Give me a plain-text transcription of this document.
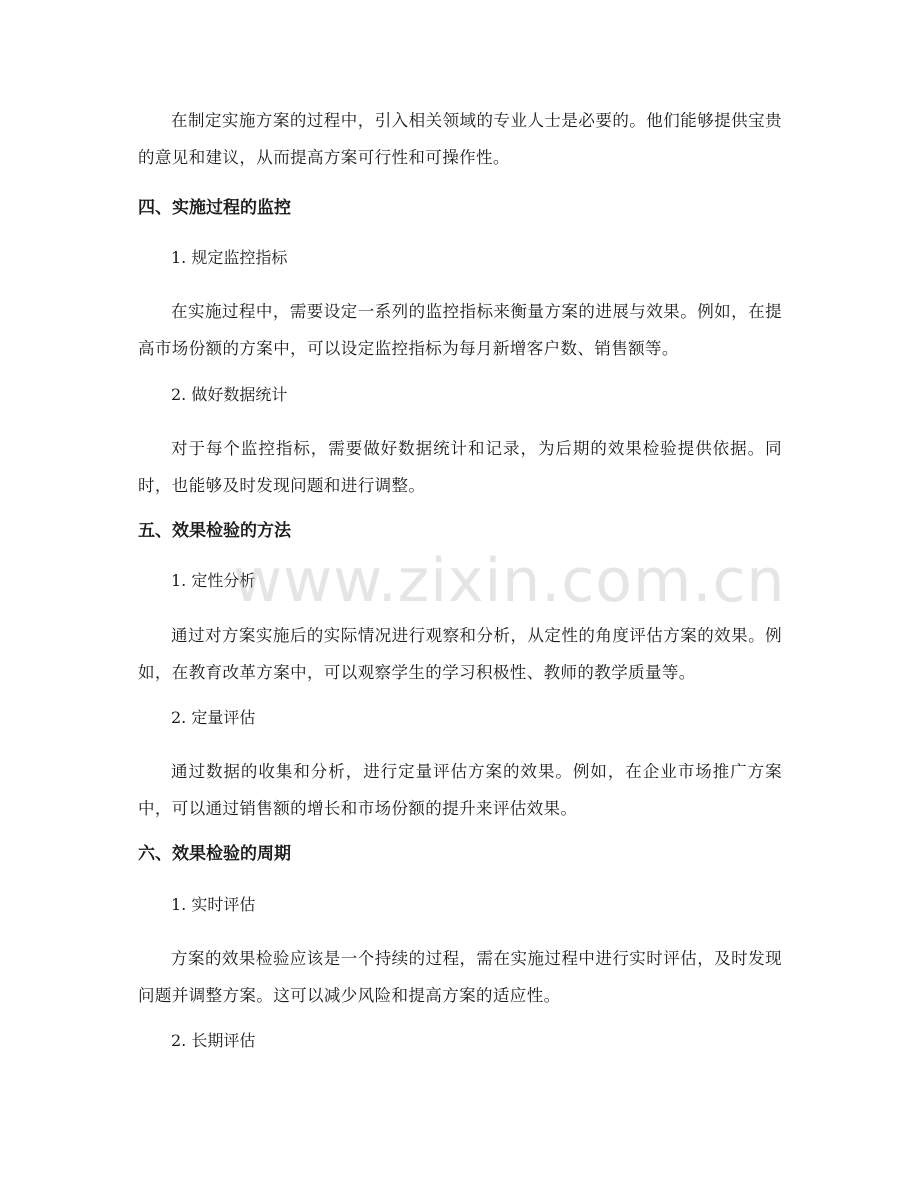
在制定实施方案的过程中，引入相关领域的专业人士是必要的。他们能够提供宝贵的意见和建议，从而提高方案可行性和可操作性。

四、实施过程的监控

1. 规定监控指标

在实施过程中，需要设定一系列的监控指标来衡量方案的进展与效果。例如，在提高市场份额的方案中，可以设定监控指标为每月新增客户数、销售额等。

2. 做好数据统计

对于每个监控指标，需要做好数据统计和记录，为后期的效果检验提供依据。同时，也能够及时发现问题和进行调整。

五、效果检验的方法

1. 定性分析

通过对方案实施后的实际情况进行观察和分析，从定性的角度评估方案的效果。例如，在教育改革方案中，可以观察学生的学习积极性、教师的教学质量等。

2. 定量评估

通过数据的收集和分析，进行定量评估方案的效果。例如，在企业市场推广方案中，可以通过销售额的增长和市场份额的提升来评估效果。

六、效果检验的周期

1. 实时评估

方案的效果检验应该是一个持续的过程，需在实施过程中进行实时评估，及时发现问题并调整方案。这可以减少风险和提高方案的适应性。

2. 长期评估

www.zixin.com.cn
